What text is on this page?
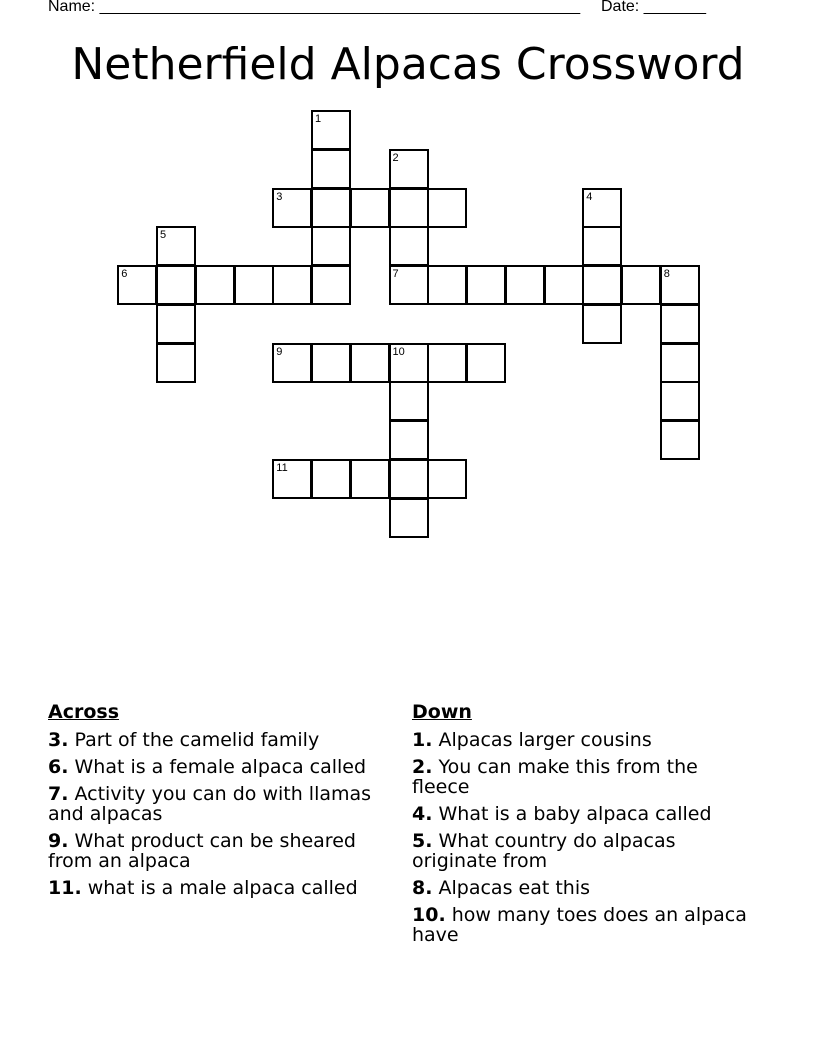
Name: ______________________________________________________ Date: _______
Netherfield Alpacas Crossword
1
2
3	4
5
6	8
7
9	10
11
Across
3. Part of the camelid family
6. What is a female alpaca called
7. Activity you can do with llamas and alpacas
9. What product can be sheared from an alpaca
11. what is a male alpaca called
Down
1. Alpacas larger cousins
2. You can make this from the fleece
4. What is a baby alpaca called
5. What country do alpacas originate from
8. Alpacas eat this
10. how many toes does an alpaca have
